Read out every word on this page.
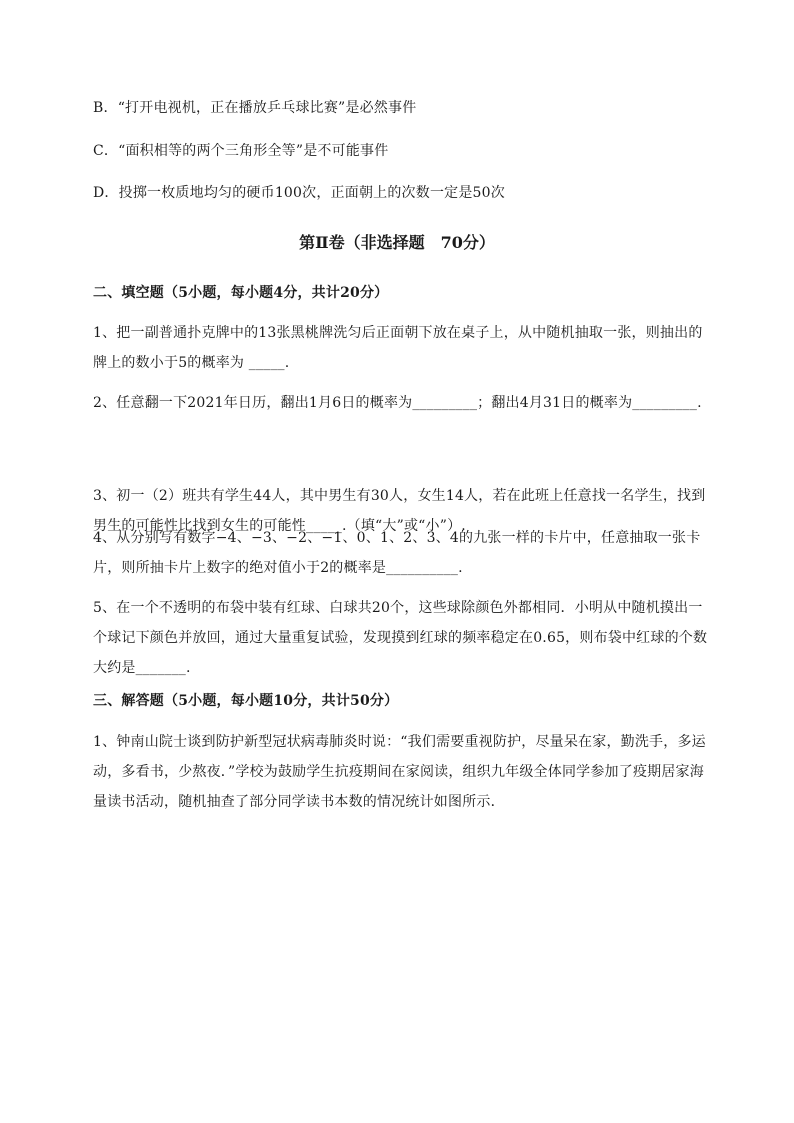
B．“打开电视机，正在播放乒乓球比赛”是必然事件
C．“面积相等的两个三角形全等”是不可能事件
D．投掷一枚质地均匀的硬币100次，正面朝上的次数一定是50次
第Ⅱ卷（非选择题　70分）
二、填空题（5小题，每小题4分，共计20分）
1、把一副普通扑克牌中的13张黑桃牌洗匀后正面朝下放在桌子上，从中随机抽取一张，则抽出的牌上的数小于5的概率为 _____.
2、任意翻一下2021年日历，翻出1月6日的概率为_________；翻出4月31日的概率为_________.
3、初一（2）班共有学生44人，其中男生有30人，女生14人，若在此班上任意找一名学生，找到男生的可能性比找到女生的可能性_____.（填“大”或“小”）.
4、从分别写有数字−4、−3、−2、−1、0、1、2、3、4的九张一样的卡片中，任意抽取一张卡片，则所抽卡片上数字的绝对值小于2的概率是__________.
5、在一个不透明的布袋中装有红球、白球共20个，这些球除颜色外都相同．小明从中随机摸出一个球记下颜色并放回，通过大量重复试验，发现摸到红球的频率稳定在0.65，则布袋中红球的个数大约是_______.
三、解答题（5小题，每小题10分，共计50分）
1、钟南山院士谈到防护新型冠状病毒肺炎时说：“我们需要重视防护，尽量呆在家，勤洗手，多运动，多看书，少熬夜．”学校为鼓励学生抗疫期间在家阅读，组织九年级全体同学参加了疫期居家海量读书活动，随机抽查了部分同学读书本数的情况统计如图所示．
